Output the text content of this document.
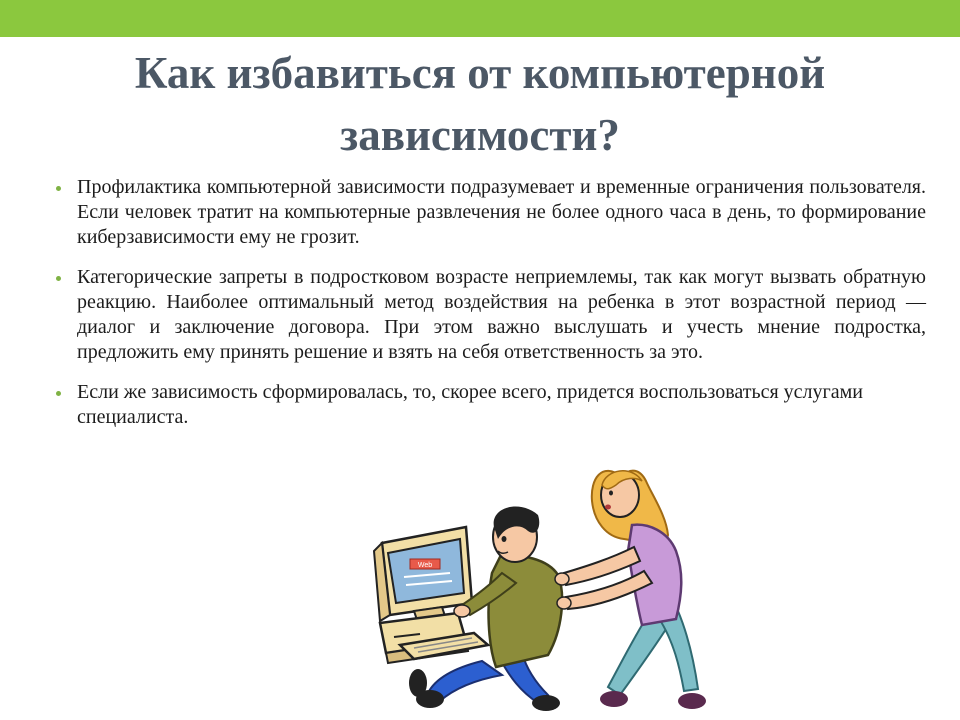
Как избавиться от компьютерной зависимости?
Профилактика компьютерной зависимости подразумевает и временные ограничения пользователя. Если человек тратит на компьютерные развлечения не более одного часа в день, то формирование киберзависимости ему не грозит.
Категорические запреты в подростковом возрасте неприемлемы, так как могут вызвать обратную реакцию. Наиболее оптимальный метод воздействия на ребенка в этот возрастной период — диалог и заключение договора. При этом важно выслушать и учесть мнение подростка, предложить ему принять решение и взять на себя ответственность за это.
Если же зависимость сформировалась, то, скорее всего, придется воспользоваться услугами специалиста.
Web
